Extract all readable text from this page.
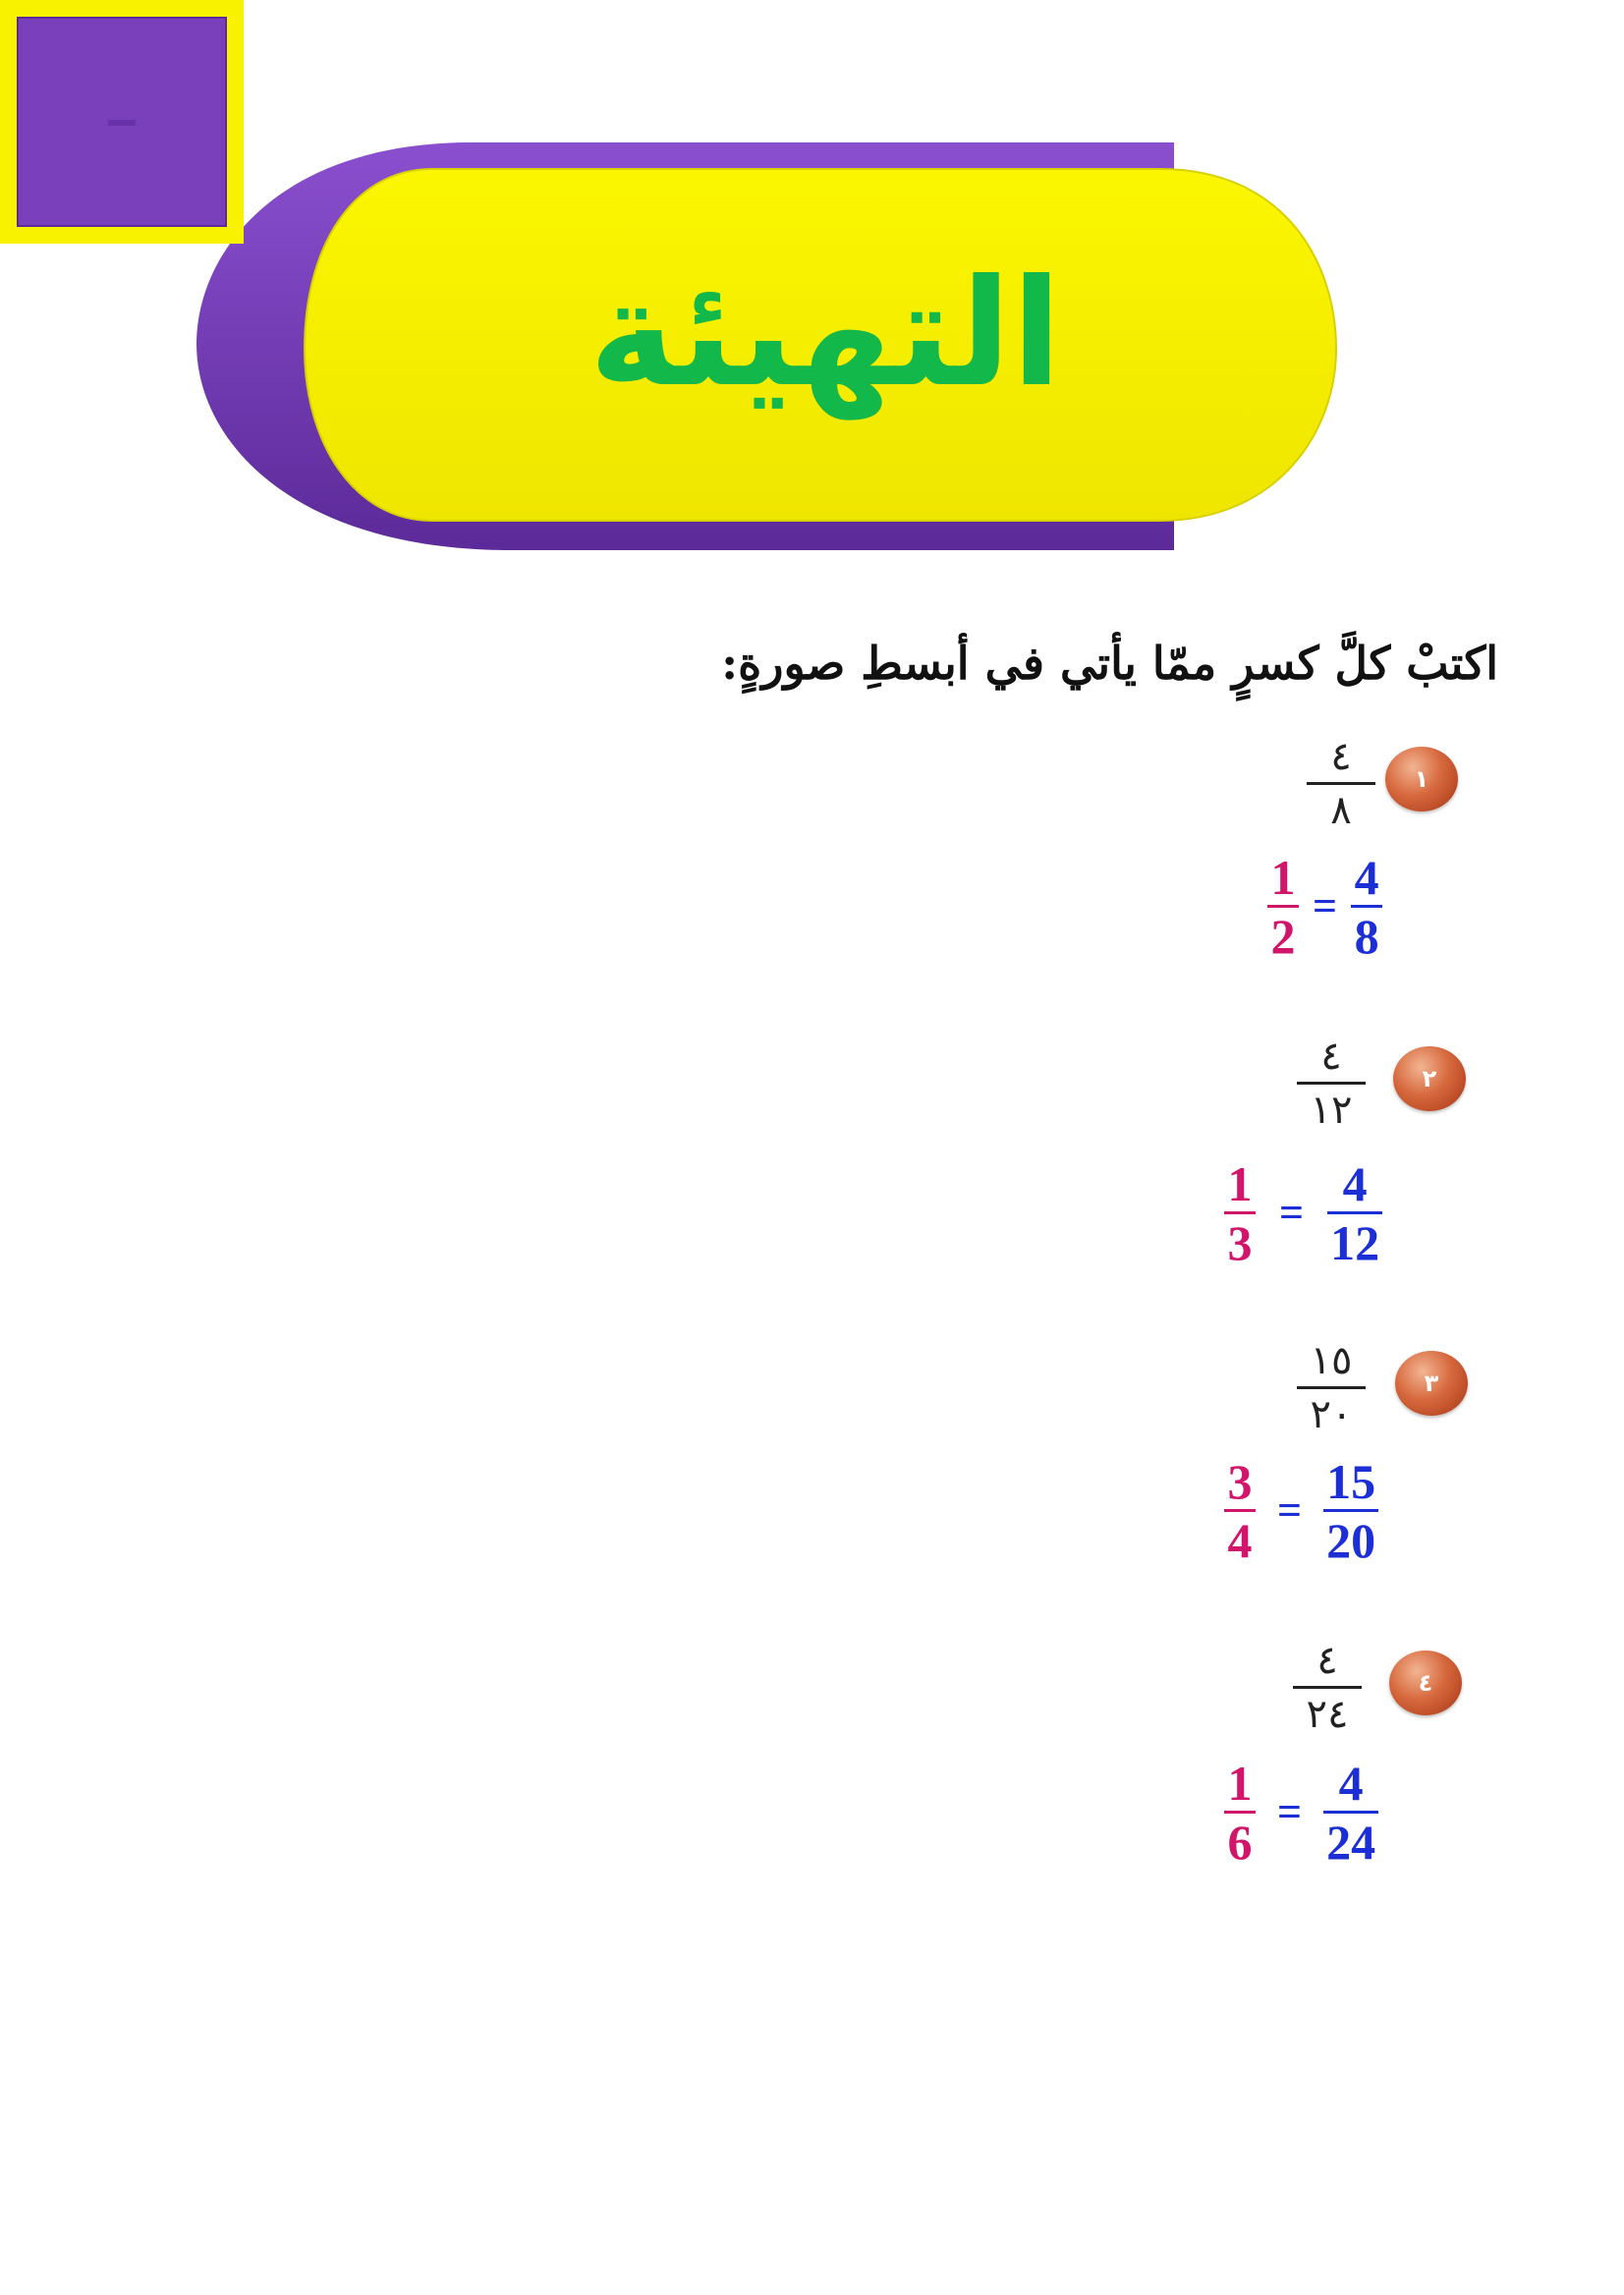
التهيئة
اكتبْ كلَّ كسرٍ ممّا يأتي في أبسطِ صورةٍ:
١
٤
٨
$\frac{1}{2} = \frac{4}{8}$
٢
٤
١٢
$\frac{1}{3} = \frac{4}{12}$
٣
١٥
٢٠
$\frac{3}{4} = \frac{15}{20}$
٤
٤
٢٤
$\frac{1}{6} = \frac{4}{24}$
